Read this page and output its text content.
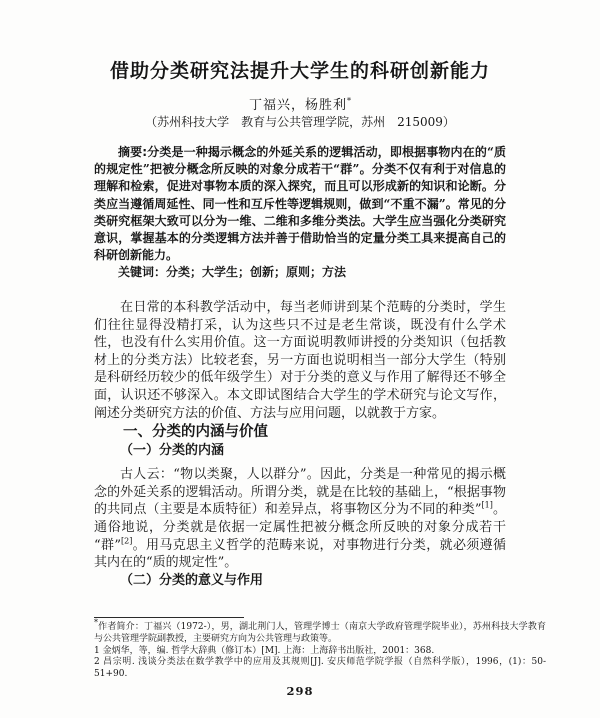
借助分类研究法提升大学生的科研创新能力
丁福兴，杨胜利*
（苏州科技大学　教育与公共管理学院，苏州　215009）

摘要:分类是一种揭示概念的外延关系的逻辑活动，即根据事物内在的“质的规定性”把被分概念所反映的对象分成若干“群”。分类不仅有利于对信息的理解和检索，促进对事物本质的深入探究，而且可以形成新的知识和论断。分类应当遵循周延性、同一性和互斥性等逻辑规则，做到“不重不漏”。常见的分类研究框架大致可以分为一维、二维和多维分类法。大学生应当强化分类研究意识，掌握基本的分类逻辑方法并善于借助恰当的定量分类工具来提高自己的科研创新能力。

关键词：分类；大学生；创新；原则；方法

在日常的本科教学活动中，每当老师讲到某个范畴的分类时，学生们往往显得没精打采，认为这些只不过是老生常谈，既没有什么学术性，也没有什么实用价值。这一方面说明教师讲授的分类知识（包括教材上的分类方法）比较老套，另一方面也说明相当一部分大学生（特别是科研经历较少的低年级学生）对于分类的意义与作用了解得还不够全面，认识还不够深入。本文即试图结合大学生的学术研究与论文写作，阐述分类研究方法的价值、方法与应用问题，以就教于方家。

一、分类的内涵与价值

（一）分类的内涵

古人云：“物以类聚，人以群分”。因此，分类是一种常见的揭示概念的外延关系的逻辑活动。所谓分类，就是在比较的基础上，“根据事物的共同点（主要是本质特征）和差异点，将事物区分为不同的种类”[1]。通俗地说，分类就是依据一定属性把被分概念所反映的对象分成若干“群”[2]。用马克思主义哲学的范畴来说，对事物进行分类，就必须遵循其内在的“质的规定性”。

（二）分类的意义与作用

*作者简介：丁福兴（1972-），男，湖北荆门人，管理学博士（南京大学政府管理学院毕业），苏州科技大学教育与公共管理学院副教授，主要研究方向为公共管理与政策等。

1 金炳华，等，编. 哲学大辞典（修订本）[M]. 上海：上海辞书出版社，2001：368.

2 昌宗明. 浅谈分类法在数学教学中的应用及其规则[J]. 安庆师范学院学报（自然科学版），1996，(1)：50-51+90.

298
